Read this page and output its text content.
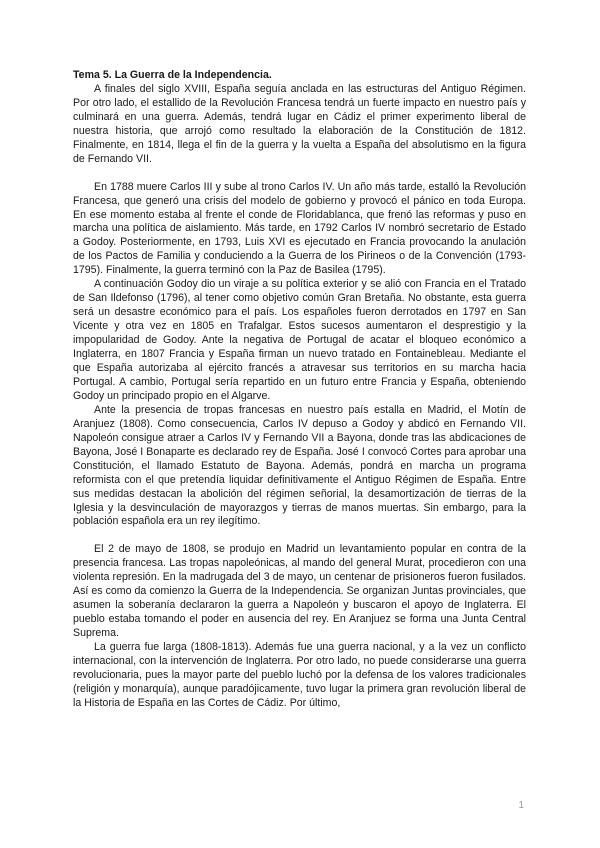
Tema 5. La Guerra de la Independencia.

A finales del siglo XVIII, España seguía anclada en las estructuras del Antiguo Régimen. Por otro lado, el estallido de la Revolución Francesa tendrá un fuerte impacto en nuestro país y culminará en una guerra. Además, tendrá lugar en Cádiz el primer experimento liberal de nuestra historia, que arrojó como resultado la elaboración de la Constitución de 1812. Finalmente, en 1814, llega el fin de la guerra y la vuelta a España del absolutismo en la figura de Fernando VII.

En 1788 muere Carlos III y sube al trono Carlos IV. Un año más tarde, estalló la Revolución Francesa, que generó una crisis del modelo de gobierno y provocó el pánico en toda Europa. En ese momento estaba al frente el conde de Floridablanca, que frenó las reformas y puso en marcha una política de aislamiento. Más tarde, en 1792 Carlos IV nombró secretario de Estado a Godoy. Posteriormente, en 1793, Luis XVI es ejecutado en Francia provocando la anulación de los Pactos de Familia y conduciendo a la Guerra de los Pirineos o de la Convención (1793-1795). Finalmente, la guerra terminó con la Paz de Basilea (1795).

A continuación Godoy dio un viraje a su política exterior y se alió con Francia en el Tratado de San Ildefonso (1796), al tener como objetivo común Gran Bretaña. No obstante, esta guerra será un desastre económico para el país. Los españoles fueron derrotados en 1797 en San Vicente y otra vez en 1805 en Trafalgar. Estos sucesos aumentaron el desprestigio y la impopularidad de Godoy. Ante la negativa de Portugal de acatar el bloqueo económico a Inglaterra, en 1807 Francia y España firman un nuevo tratado en Fontainebleau. Mediante el que España autorizaba al ejército francés a atravesar sus territorios en su marcha hacia Portugal. A cambio, Portugal sería repartido en un futuro entre Francia y España, obteniendo Godoy un principado propio en el Algarve.

Ante la presencia de tropas francesas en nuestro país estalla en Madrid, el Motín de Aranjuez (1808). Como consecuencia, Carlos IV depuso a Godoy y abdicó en Fernando VII. Napoleón consigue atraer a Carlos IV y Fernando VII a Bayona, donde tras las abdicaciones de Bayona, José I Bonaparte es declarado rey de España. José I convocó Cortes para aprobar una Constitución, el llamado Estatuto de Bayona. Además, pondrá en marcha un programa reformista con el que pretendía liquidar definitivamente el Antiguo Régimen de España. Entre sus medidas destacan la abolición del régimen señorial, la desamortización de tierras de la Iglesia y la desvinculación de mayorazgos y tierras de manos muertas. Sin embargo, para la población española era un rey ilegítimo.

El 2 de mayo de 1808, se produjo en Madrid un levantamiento popular en contra de la presencia francesa. Las tropas napoleónicas, al mando del general Murat, procedieron con una violenta represión. En la madrugada del 3 de mayo, un centenar de prisioneros fueron fusilados. Así es como da comienzo la Guerra de la Independencia. Se organizan Juntas provinciales, que asumen la soberanía declararon la guerra a Napoleón y buscaron el apoyo de Inglaterra. El pueblo estaba tomando el poder en ausencia del rey. En Aranjuez se forma una Junta Central Suprema.

La guerra fue larga (1808-1813). Además fue una guerra nacional, y a la vez un conflicto internacional, con la intervención de Inglaterra. Por otro lado, no puede considerarse una guerra revolucionaria, pues la mayor parte del pueblo luchó por la defensa de los valores tradicionales (religión y monarquía), aunque paradójicamente, tuvo lugar la primera gran revolución liberal de la Historia de España en las Cortes de Cádiz. Por último,

1
